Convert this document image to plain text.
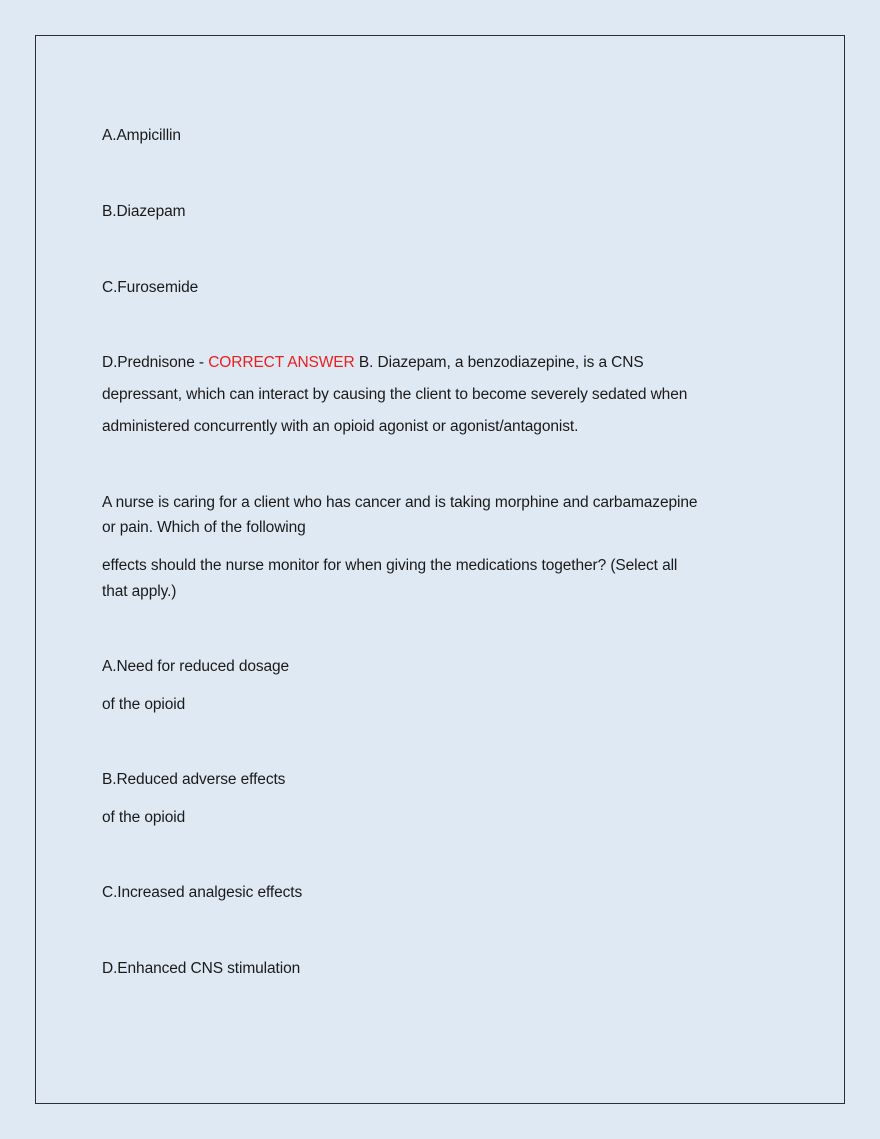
A.Ampicillin
B.Diazepam
C.Furosemide
D.Prednisone - CORRECT ANSWER B. Diazepam, a benzodiazepine, is a CNS
depressant, which can interact by causing the client to become severely sedated when
administered concurrently with an opioid agonist or agonist/antagonist.
A nurse is caring for a client who has cancer and is taking morphine and carbamazepine
or pain. Which of the following
effects should the nurse monitor for when giving the medications together? (Select all
that apply.)
A.Need for reduced dosage
of the opioid
B.Reduced adverse effects
of the opioid
C.Increased analgesic effects
D.Enhanced CNS stimulation
